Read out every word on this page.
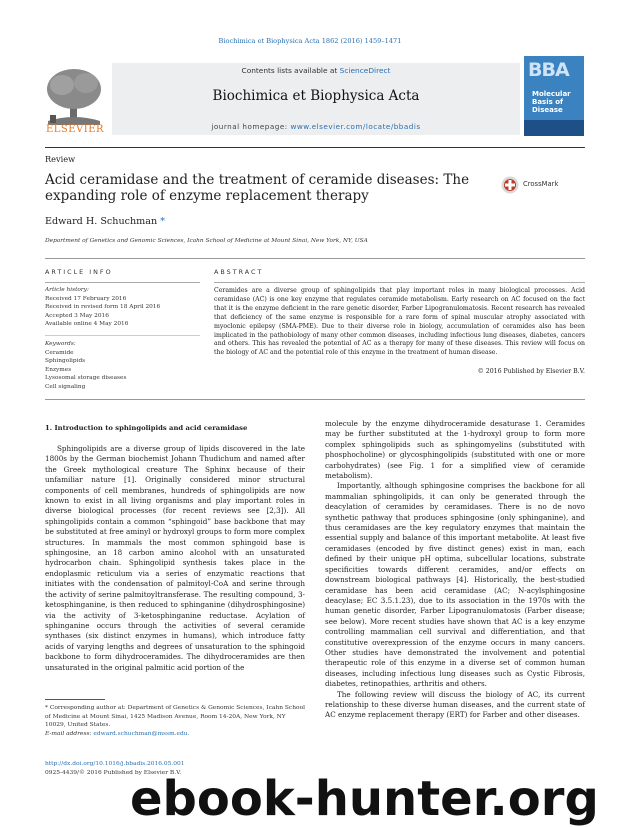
Biochimica et Biophysica Acta 1862 (2016) 1459–1471
Contents lists available at ScienceDirect
Biochimica et Biophysica Acta
journal homepage: www.elsevier.com/locate/bbadis
ELSEVIER
BBA
Molecular Basis of Disease
Review
Acid ceramidase and the treatment of ceramide diseases: The expanding role of enzyme replacement therapy
CrossMark
Edward H. Schuchman *
Department of Genetics and Genomic Sciences, Icahn School of Medicine at Mount Sinai, New York, NY, USA
ARTICLE INFO	ABSTRACT
Article history:
Received 17 February 2016
Received in revised form 18 April 2016
Accepted 3 May 2016
Available online 4 May 2016
Keywords:
Ceramide
Sphingolipids
Enzymes
Lysosomal storage diseases
Cell signaling
Ceramides are a diverse group of sphingolipids that play important roles in many biological processes. Acid ceramidase (AC) is one key enzyme that regulates ceramide metabolism. Early research on AC focused on the fact that it is the enzyme deficient in the rare genetic disorder, Farber Lipogranulomatosis. Recent research has revealed that deficiency of the same enzyme is responsible for a rare form of spinal muscular atrophy associated with myoclonic epilepsy (SMA-PME). Due to their diverse role in biology, accumulation of ceramides also has been implicated in the pathobiology of many other common diseases, including infectious lung diseases, diabetes, cancers and others. This has revealed the potential of AC as a therapy for many of these diseases. This review will focus on the biology of AC and the potential role of this enzyme in the treatment of human disease.
© 2016 Published by Elsevier B.V.
1. Introduction to sphingolipids and acid ceramidase

Sphingolipids are a diverse group of lipids discovered in the late 1800s by the German biochemist Johann Thudichum and named after the Greek mythological creature The Sphinx because of their unfamiliar nature [1]. Originally considered minor structural components of cell membranes, hundreds of sphingolipids are now known to exist in all living organisms and play important roles in diverse biological processes (for recent reviews see [2,3]). All sphingolipids contain a common “sphingoid” base backbone that may be substituted at free aminyl or hydroxyl groups to form more complex structures. In mammals the most common sphingoid base is sphingosine, an 18 carbon amino alcohol with an unsaturated hydrocarbon chain. Sphingolipid synthesis takes place in the endoplasmic reticulum via a series of enzymatic reactions that initiates with the condensation of palmitoyl-CoA and serine through the activity of serine palmitoyltransferase. The resulting compound, 3-ketosphinganine, is then reduced to sphinganine (dihydrosphingosine) via the activity of 3-ketosphinganine reductase. Acylation of sphinganine occurs through the activities of several ceramide synthases (six distinct enzymes in humans), which introduce fatty acids of varying lengths and degrees of unsaturation to the sphingoid backbone to form dihydroceramides. The dihydroceramides are then unsaturated in the original palmitic acid portion of the

molecule by the enzyme dihydroceramide desaturase 1. Ceramides may be further substituted at the 1-hydroxyl group to form more complex sphingolipids such as sphingomyelins (substituted with phosphocholine) or glycosphingolipids (substituted with one or more carbohydrates) (see Fig. 1 for a simplified view of ceramide metabolism).

Importantly, although sphingosine comprises the backbone for all mammalian sphingolipids, it can only be generated through the deacylation of ceramides by ceramidases. There is no de novo synthetic pathway that produces sphingosine (only sphinganine), and thus ceramidases are the key regulatory enzymes that maintain the essential supply and balance of this important metabolite. At least five ceramidases (encoded by five distinct genes) exist in man, each defined by their unique pH optima, subcellular locations, substrate specificities towards different ceramides, and/or effects on downstream biological pathways [4]. Historically, the best-studied ceramidase has been acid ceramidase (AC; N-acylsphingosine deacylase; EC 3.5.1.23), due to its association in the 1970s with the human genetic disorder, Farber Lipogranulomatosis (Farber disease; see below). More recent studies have shown that AC is a key enzyme controlling mammalian cell survival and differentiation, and that constitutive overexpression of the enzyme occurs in many cancers. Other studies have demonstrated the involvement and potential therapeutic role of this enzyme in a diverse set of common human diseases, including infectious lung diseases such as Cystic Fibrosis, diabetes, retinopathies, arthritis and others.

The following review will discuss the biology of AC, its current relationship to these diverse human diseases, and the current state of AC enzyme replacement therapy (ERT) for Farber and other diseases.

* Corresponding author at: Department of Genetics & Genomic Sciences, Icahn School of Medicine at Mount Sinai, 1425 Madison Avenue, Room 14-20A, New York, NY 10029, United States.
E-mail address: edward.schuchman@mssm.edu.
http://dx.doi.org/10.1016/j.bbadis.2016.05.001
0925-4439/© 2016 Published by Elsevier B.V.
ebook-hunter.org
